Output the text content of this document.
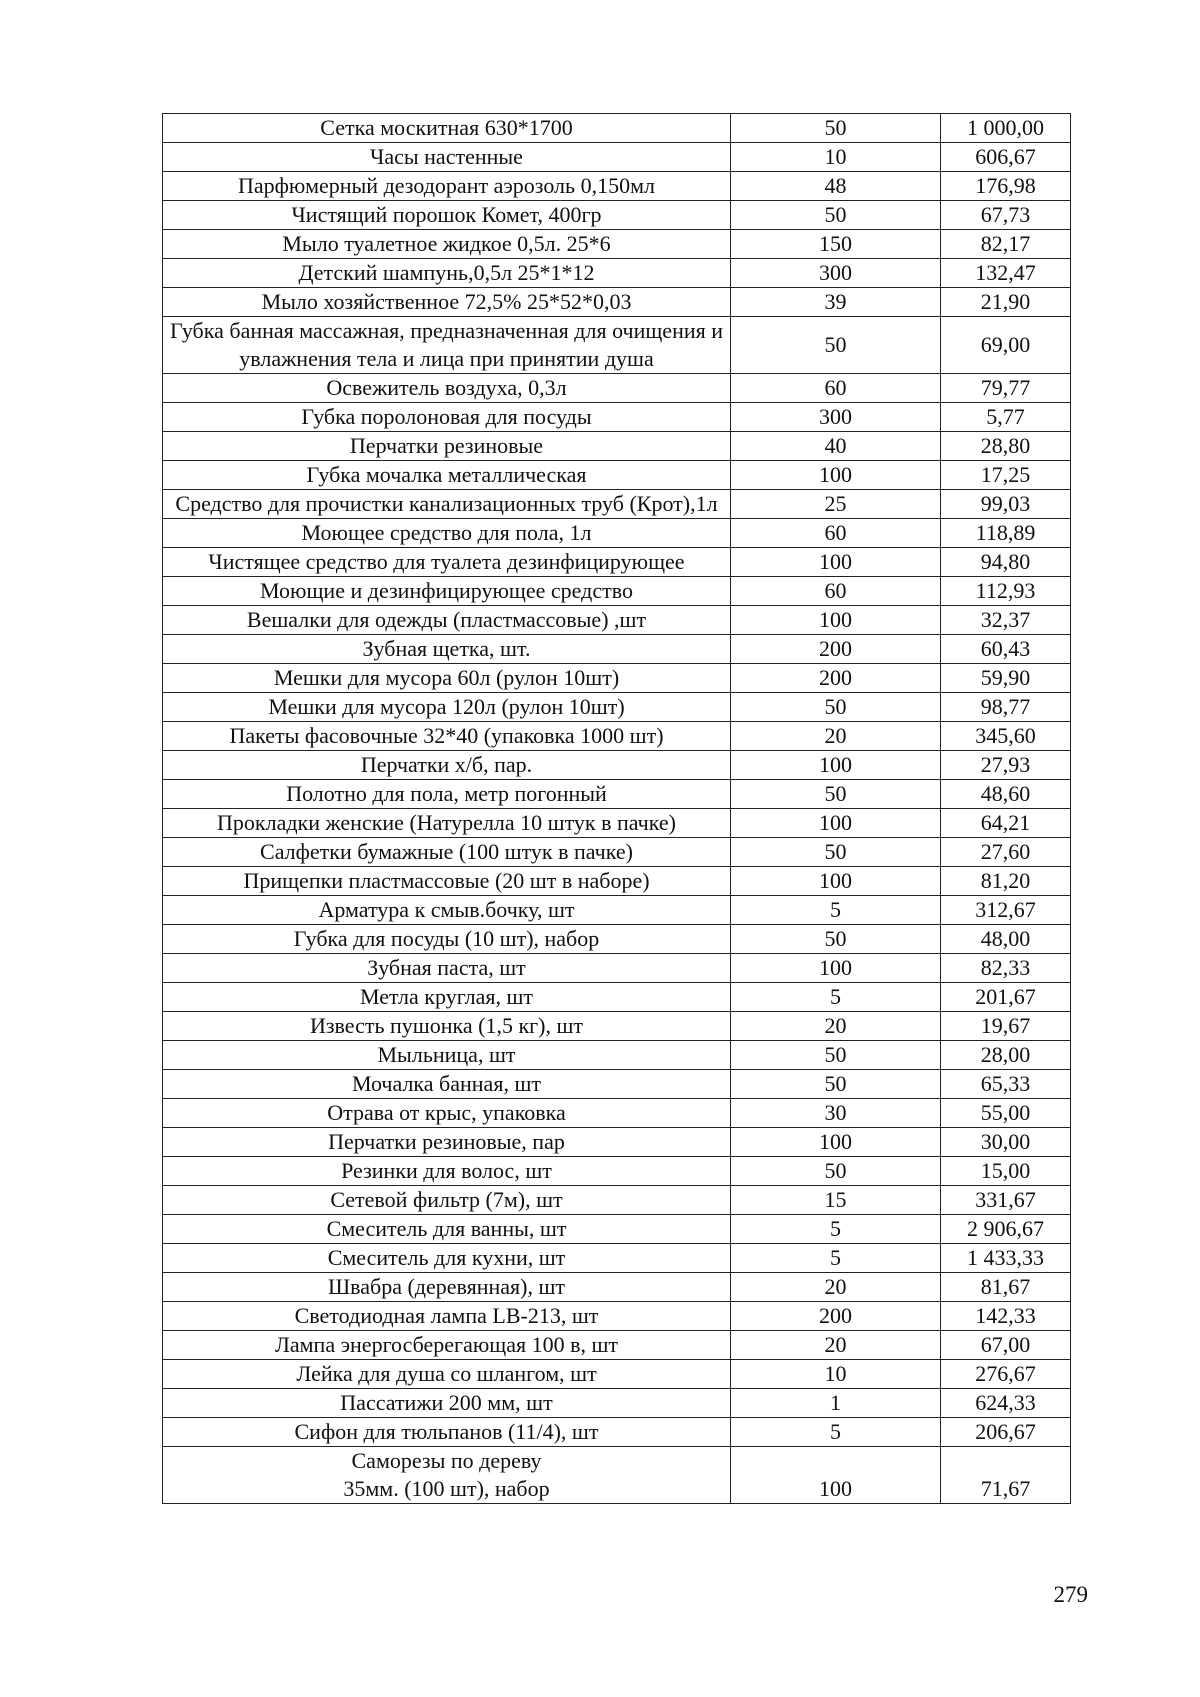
Сетка москитная 630*1700	50	1 000,00
Часы настенные	10	606,67
Парфюмерный дезодорант аэрозоль 0,150мл	48	176,98
Чистящий порошок Комет, 400гр	50	67,73
Мыло туалетное жидкое 0,5л. 25*6	150	82,17
Детский шампунь,0,5л 25*1*12	300	132,47
Мыло хозяйственное 72,5% 25*52*0,03	39	21,90
Губка банная массажная, предназначенная для очищения и увлажнения тела и лица при принятии душа	50	69,00
Освежитель воздуха, 0,3л	60	79,77
Губка поролоновая для посуды	300	5,77
Перчатки резиновые	40	28,80
Губка мочалка металлическая	100	17,25
Средство для прочистки канализационных труб (Крот),1л	25	99,03
Моющее средство для пола, 1л	60	118,89
Чистящее средство для туалета дезинфицирующее	100	94,80
Моющие и дезинфицирующее средство	60	112,93
Вешалки для одежды (пластмассовые) ,шт	100	32,37
Зубная щетка, шт.	200	60,43
Мешки для мусора 60л (рулон 10шт)	200	59,90
Мешки для мусора 120л (рулон 10шт)	50	98,77
Пакеты фасовочные 32*40 (упаковка 1000 шт)	20	345,60
Перчатки х/б, пар.	100	27,93
Полотно для пола, метр погонный	50	48,60
Прокладки женские (Натурелла 10 штук в пачке)	100	64,21
Салфетки бумажные (100 штук в пачке)	50	27,60
Прищепки пластмассовые (20 шт в наборе)	100	81,20
Арматура к смыв.бочку, шт	5	312,67
Губка для посуды (10 шт), набор	50	48,00
Зубная паста, шт	100	82,33
Метла круглая, шт	5	201,67
Известь пушонка (1,5 кг), шт	20	19,67
Мыльница, шт	50	28,00
Мочалка банная, шт	50	65,33
Отрава от крыс, упаковка	30	55,00
Перчатки резиновые, пар	100	30,00
Резинки для волос, шт	50	15,00
Сетевой фильтр (7м), шт	15	331,67
Смеситель для ванны, шт	5	2 906,67
Смеситель для кухни, шт	5	1 433,33
Швабра (деревянная), шт	20	81,67
Светодиодная лампа LB-213, шт	200	142,33
Лампа энергосберегающая 100 в, шт	20	67,00
Лейка для душа со шлангом, шт	10	276,67
Пассатижи 200 мм, шт	1	624,33
Сифон для тюльпанов (11/4), шт	5	206,67
Саморезы по дереву
35мм. (100 шт), набор	100	71,67
279
